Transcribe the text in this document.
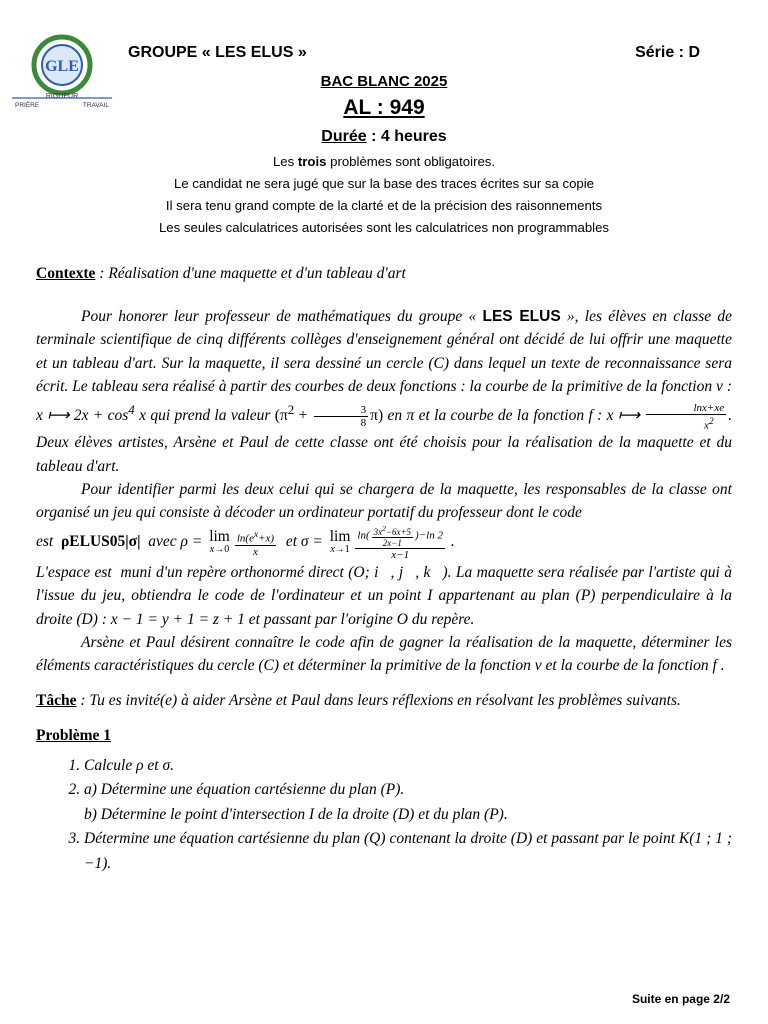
GLE
PRIÈRE
RIGUEUR
TRAVAIL
GROUPE « LES ELUS »	Série : D
BAC BLANC 2025
AL : 949
Durée : 4 heures
Les trois problèmes sont obligatoires.
Le candidat ne sera jugé que sur la base des traces écrites sur sa copie
Il sera tenu grand compte de la clarté et de la précision des raisonnements
Les seules calculatrices autorisées sont les calculatrices non programmables

Contexte : Réalisation d'une maquette et d'un tableau d'art

Pour honorer leur professeur de mathématiques du groupe « LES ELUS », les élèves en classe de terminale scientifique de cinq différents collèges d'enseignement général ont décidé de lui offrir une maquette et un tableau d'art. Sur la maquette, il sera dessiné un cercle (C) dans lequel un texte de reconnaissance sera écrit. Le tableau sera réalisé à partir des courbes de deux fonctions : la courbe de la primitive de la fonction v : x ⟼ $2x + \cos^4 x$ qui prend la valeur $(\pi^2 + \frac{3}{8} \pi)$ en π et la courbe de la fonction f : x ⟼ $\frac{\ln x+xe}{x^2}$ . Deux élèves artistes, Arsène et Paul de cette classe ont été choisis pour la réalisation de la maquette et du tableau d'art.

Pour identifier parmi les deux celui qui se chargera de la maquette, les responsables de la classe ont organisé un jeu qui consiste à décoder un ordinateur portatif du professeur dont le code

est  ρELUS05|σ|  avec ρ = lim
$x\to 0 \frac{\ln(e^x+x)}{x}$ et σ = lim
$x\to 1 \frac{\ln( \frac{3x^2-6x+5}{2x-1} )-\ln 2}{x-1}$ .

L'espace est  muni d'un repère orthonormé direct (O; i⃗, j⃗, k⃗). La maquette sera réalisée par l'artiste qui à l'issue du jeu, obtiendra le code de l'ordinateur et un point I appartenant au plan (P) perpendiculaire à la droite (D) : x − 1 = y + 1 = z + 1 et passant par l'origine O du repère.

Arsène et Paul désirent connaître le code afin de gagner la réalisation de la maquette, déterminer les éléments caractéristiques du cercle (C) et déterminer la primitive de la fonction v et la courbe de la fonction f .

Tâche : Tu es invité(e) à aider Arsène et Paul dans leurs réflexions en résolvant les problèmes suivants.

Problème 1

1. Calcule ρ et σ.
2. a) Détermine une équation cartésienne du plan (P).
b) Détermine le point d'intersection I de la droite (D) et du plan (P).
3. Détermine une équation cartésienne du plan (Q) contenant la droite (D) et passant par le point K(1 ; 1 ; −1).
Suite en page 2/2
